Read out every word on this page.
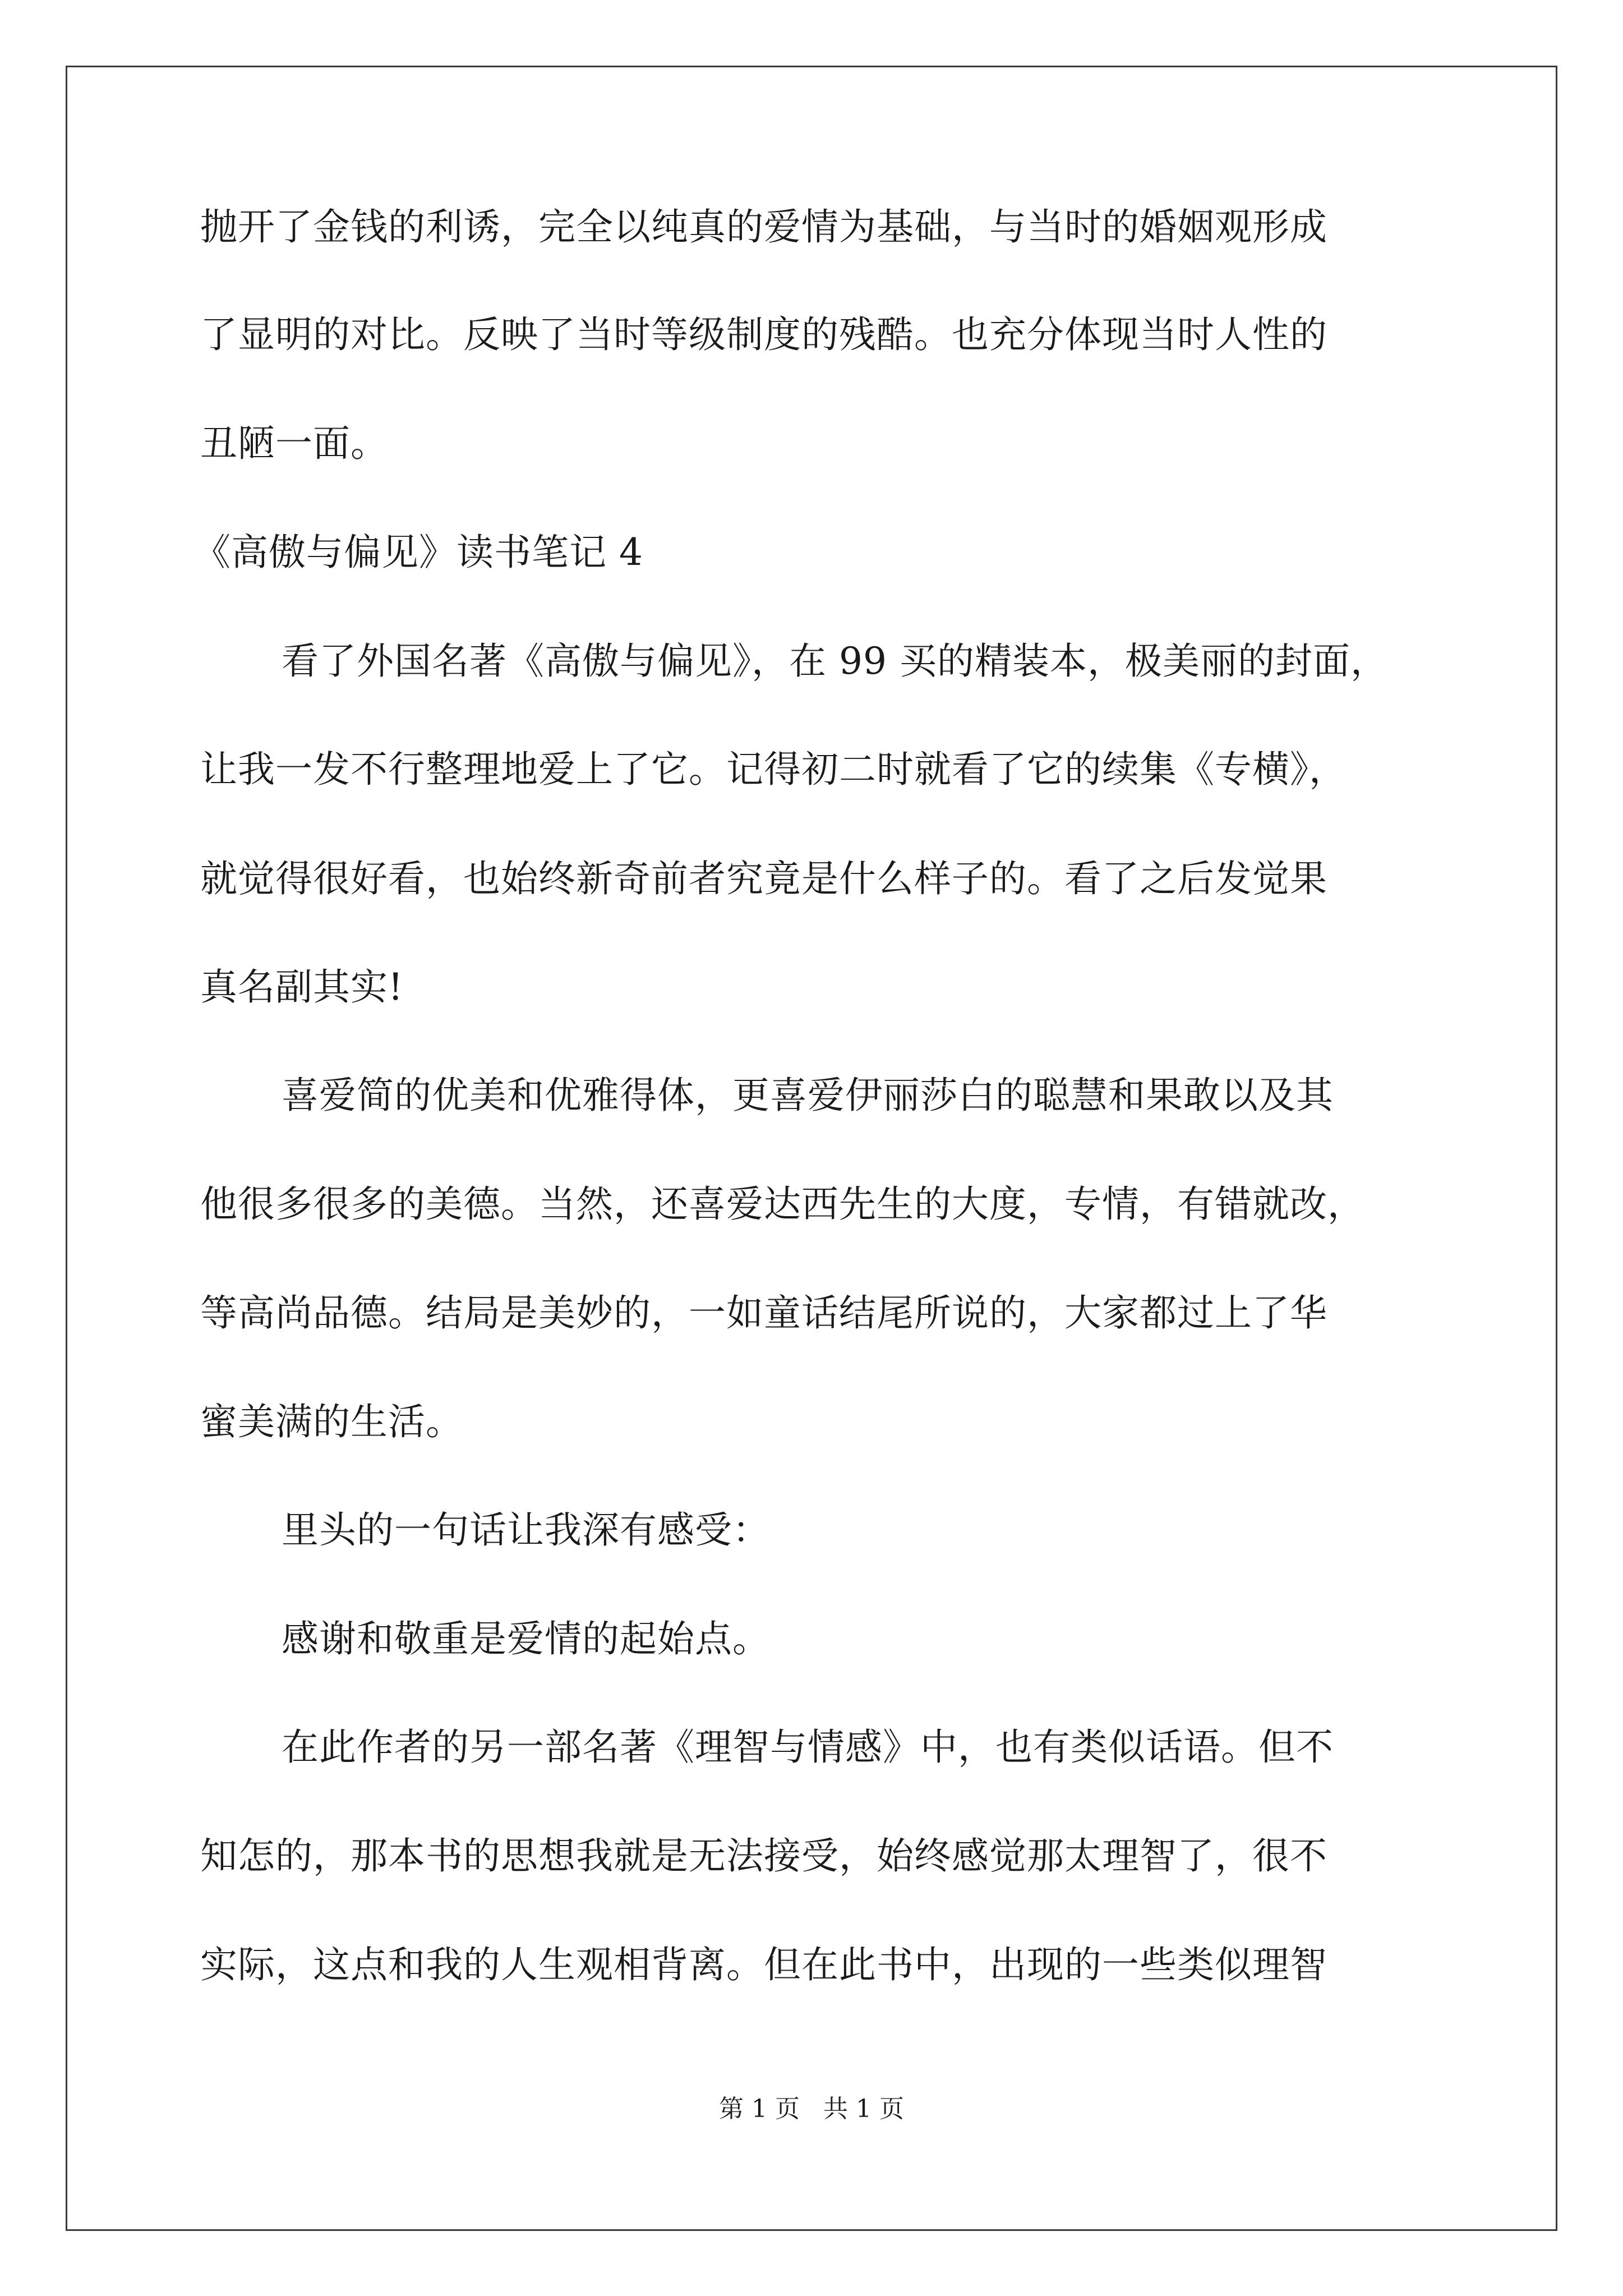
抛开了金钱的利诱，完全以纯真的爱情为基础，与当时的婚姻观形成

了显明的对比。反映了当时等级制度的残酷。也充分体现当时人性的

丑陋一面。

《高傲与偏见》读书笔记 4

看了外国名著《高傲与偏见》，在 99 买的精装本，极美丽的封面，

让我一发不行整理地爱上了它。记得初二时就看了它的续集《专横》，

就觉得很好看，也始终新奇前者究竟是什么样子的。看了之后发觉果

真名副其实!

喜爱简的优美和优雅得体，更喜爱伊丽莎白的聪慧和果敢以及其

他很多很多的美德。当然，还喜爱达西先生的大度，专情，有错就改，

等高尚品德。结局是美妙的，一如童话结尾所说的，大家都过上了华

蜜美满的生活。

里头的一句话让我深有感受：

感谢和敬重是爱情的起始点。

在此作者的另一部名著《理智与情感》中，也有类似话语。但不

知怎的，那本书的思想我就是无法接受，始终感觉那太理智了，很不

实际，这点和我的人生观相背离。但在此书中，出现的一些类似理智

第 1 页   共 1 页
